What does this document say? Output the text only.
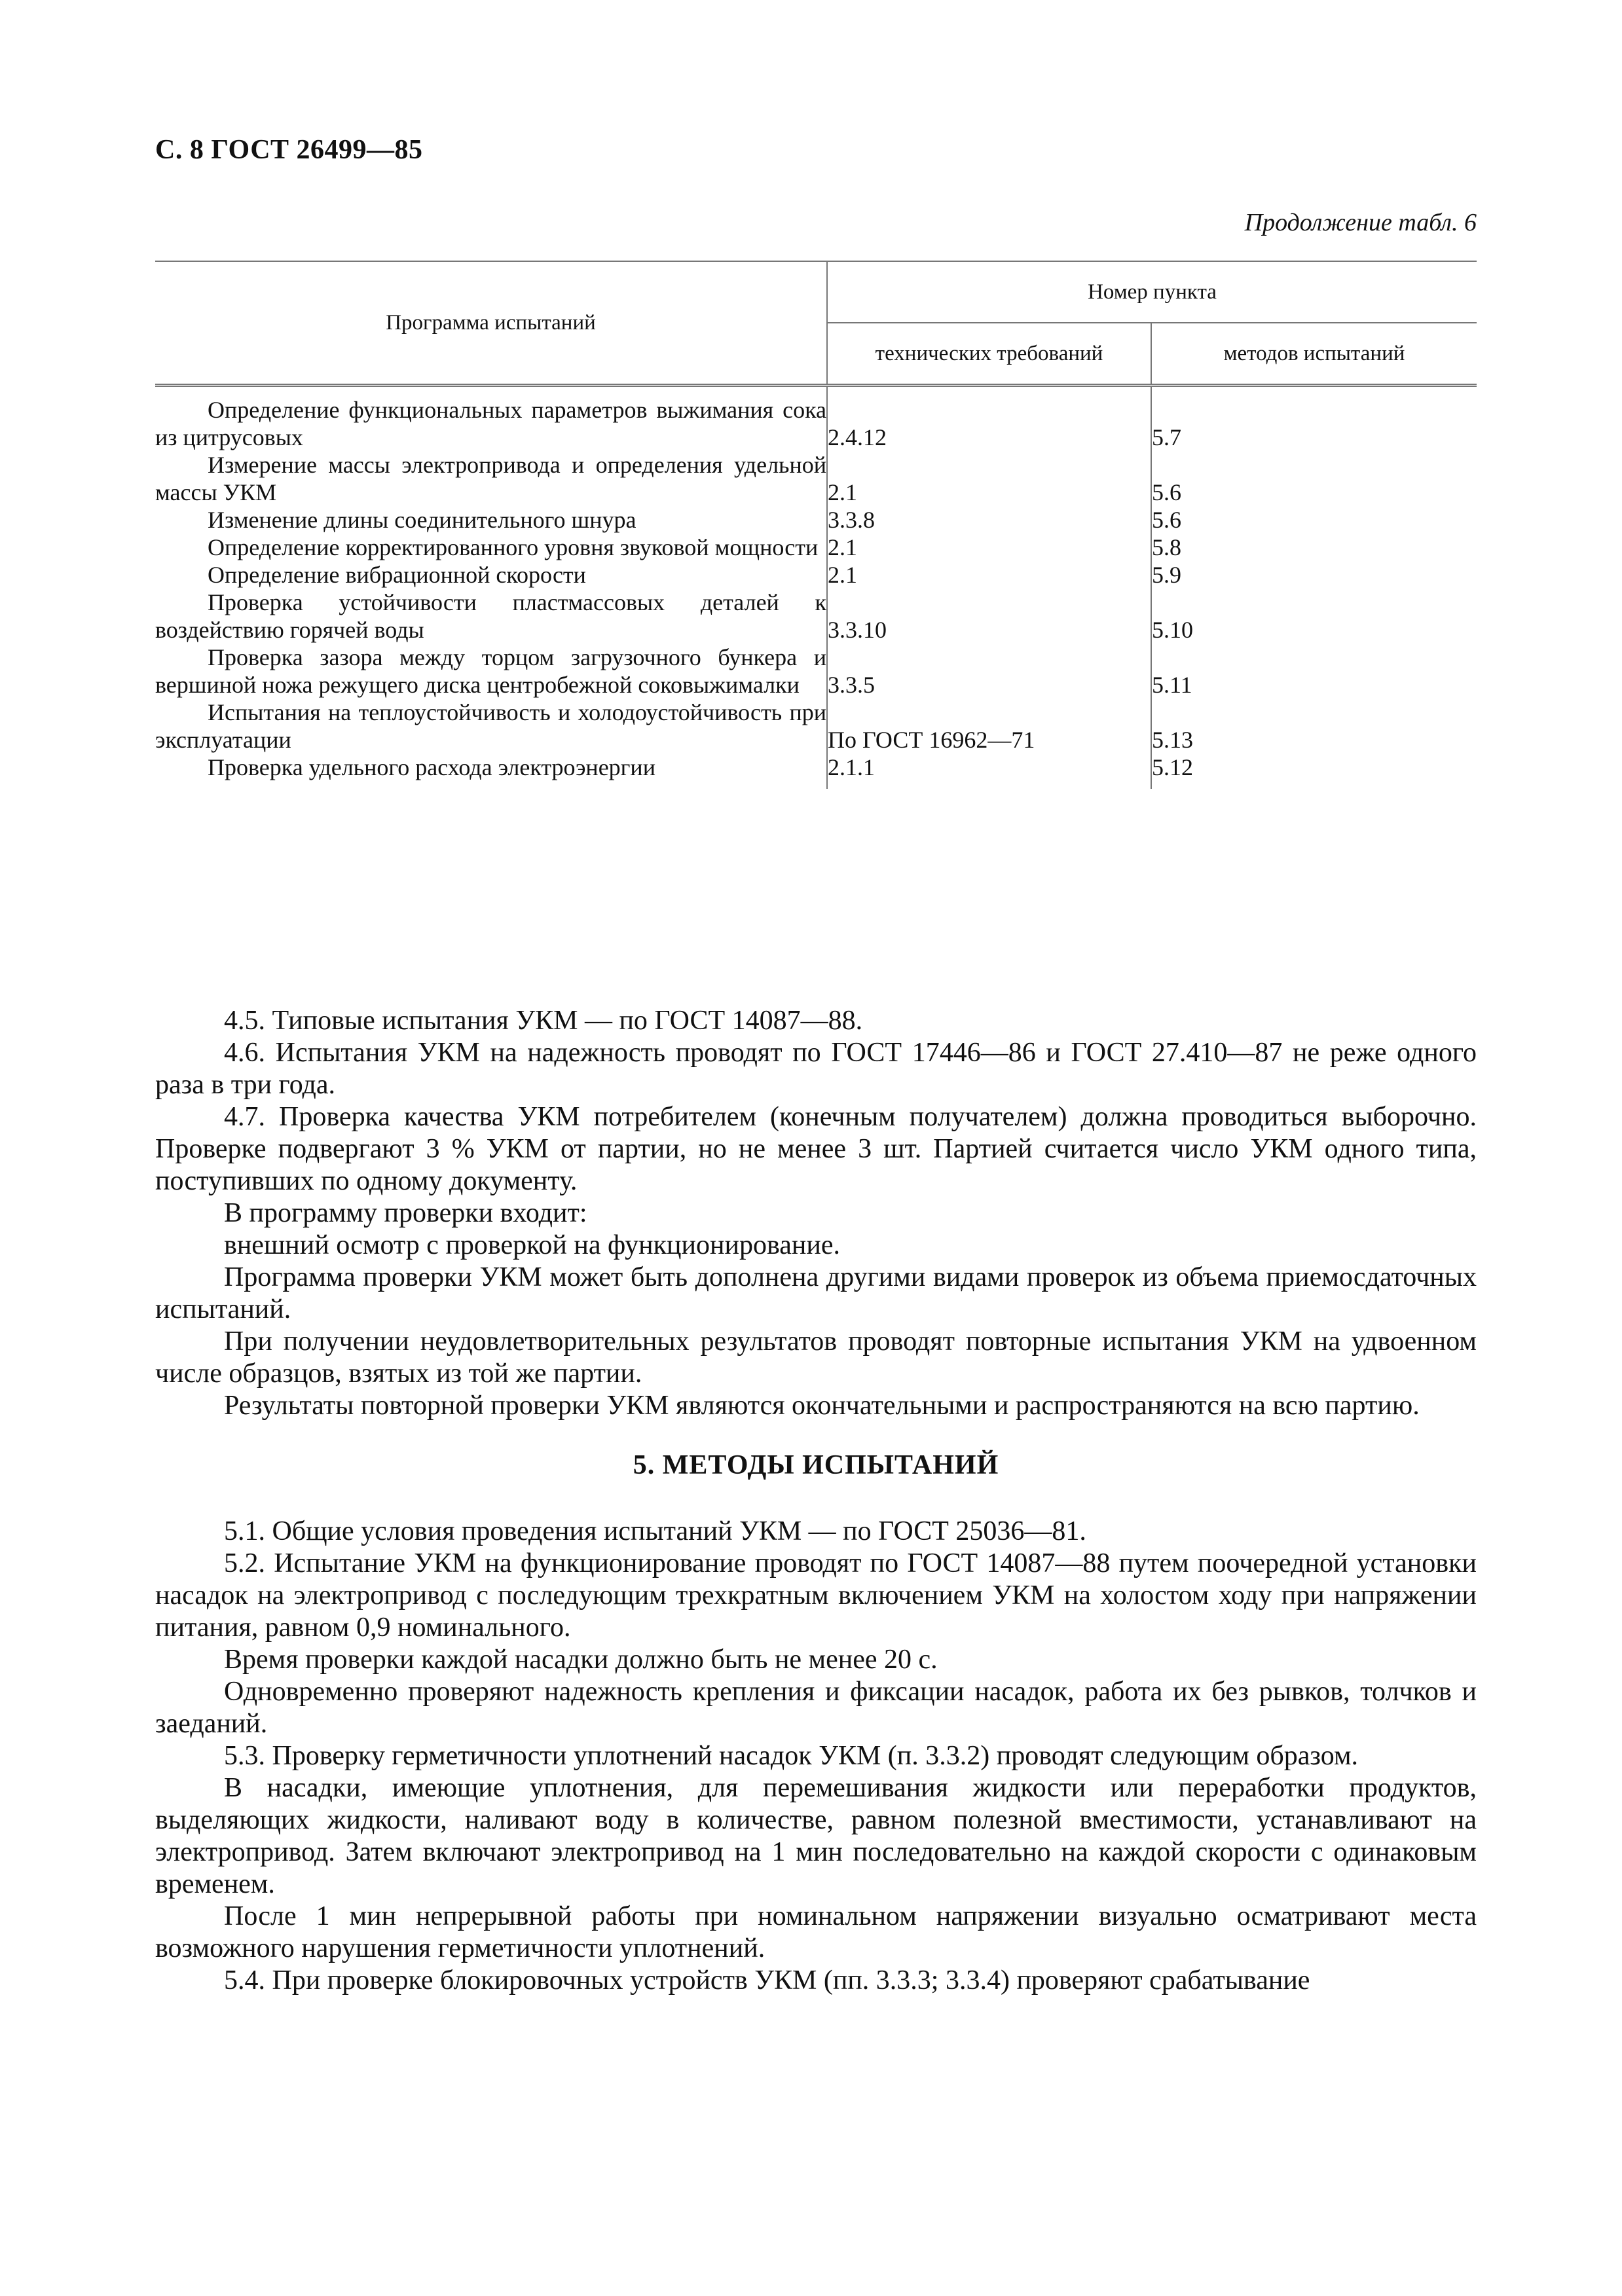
С. 8 ГОСТ 26499—85
Продолжение табл. 6
Программа испытаний	Номер пункта	
	технических требований	методов испытаний

Определение функциональных параметров выжимания сока из цитрусовых	2.4.12	5.7

Измерение массы электропривода и определения удельной массы УКМ	2.1	5.6

Изменение длины соединительного шнура	3.3.8	5.6

Определение корректированного уровня звуковой мощности	2.1	5.8

Определение вибрационной скорости	2.1	5.9

Проверка устойчивости пластмассовых деталей к воздействию горячей воды	3.3.10	5.10

Проверка зазора между торцом загрузочного бункера и вершиной ножа режущего диска центробежной соковыжималки	3.3.5	5.11

Испытания на теплоустойчивость и холодоустойчивость при эксплуатации	По ГОСТ 16962—71	5.13

Проверка удельного расхода электроэнергии	2.1.1	5.12

4.5. Типовые испытания УКМ — по ГОСТ 14087—88.

4.6. Испытания УКМ на надежность проводят по ГОСТ 17446—86 и ГОСТ 27.410—87 не реже одного раза в три года.

4.7. Проверка качества УКМ потребителем (конечным получателем) должна проводиться выборочно. Проверке подвергают 3 % УКМ от партии, но не менее 3 шт. Партией считается число УКМ одного типа, поступивших по одному документу.

В программу проверки входит:

внешний осмотр с проверкой на функционирование.

Программа проверки УКМ может быть дополнена другими видами проверок из объема приемосдаточных испытаний.

При получении неудовлетворительных результатов проводят повторные испытания УКМ на удвоенном числе образцов, взятых из той же партии.

Результаты повторной проверки УКМ являются окончательными и распространяются на всю партию.

5. МЕТОДЫ ИСПЫТАНИЙ

5.1. Общие условия проведения испытаний УКМ — по ГОСТ 25036—81.

5.2. Испытание УКМ на функционирование проводят по ГОСТ 14087—88 путем поочередной установки насадок на электропривод с последующим трехкратным включением УКМ на холостом ходу при напряжении питания, равном 0,9 номинального.

Время проверки каждой насадки должно быть не менее 20 с.

Одновременно проверяют надежность крепления и фиксации насадок, работа их без рывков, толчков и заеданий.

5.3. Проверку герметичности уплотнений насадок УКМ (п. 3.3.2) проводят следующим образом.

В насадки, имеющие уплотнения, для перемешивания жидкости или переработки продуктов, выделяющих жидкости, наливают воду в количестве, равном полезной вместимости, устанавливают на электропривод. Затем включают электропривод на 1 мин последовательно на каждой скорости с одинаковым временем.

После 1 мин непрерывной работы при номинальном напряжении визуально осматривают места возможного нарушения герметичности уплотнений.

5.4. При проверке блокировочных устройств УКМ (пп. 3.3.3; 3.3.4) проверяют срабатывание
